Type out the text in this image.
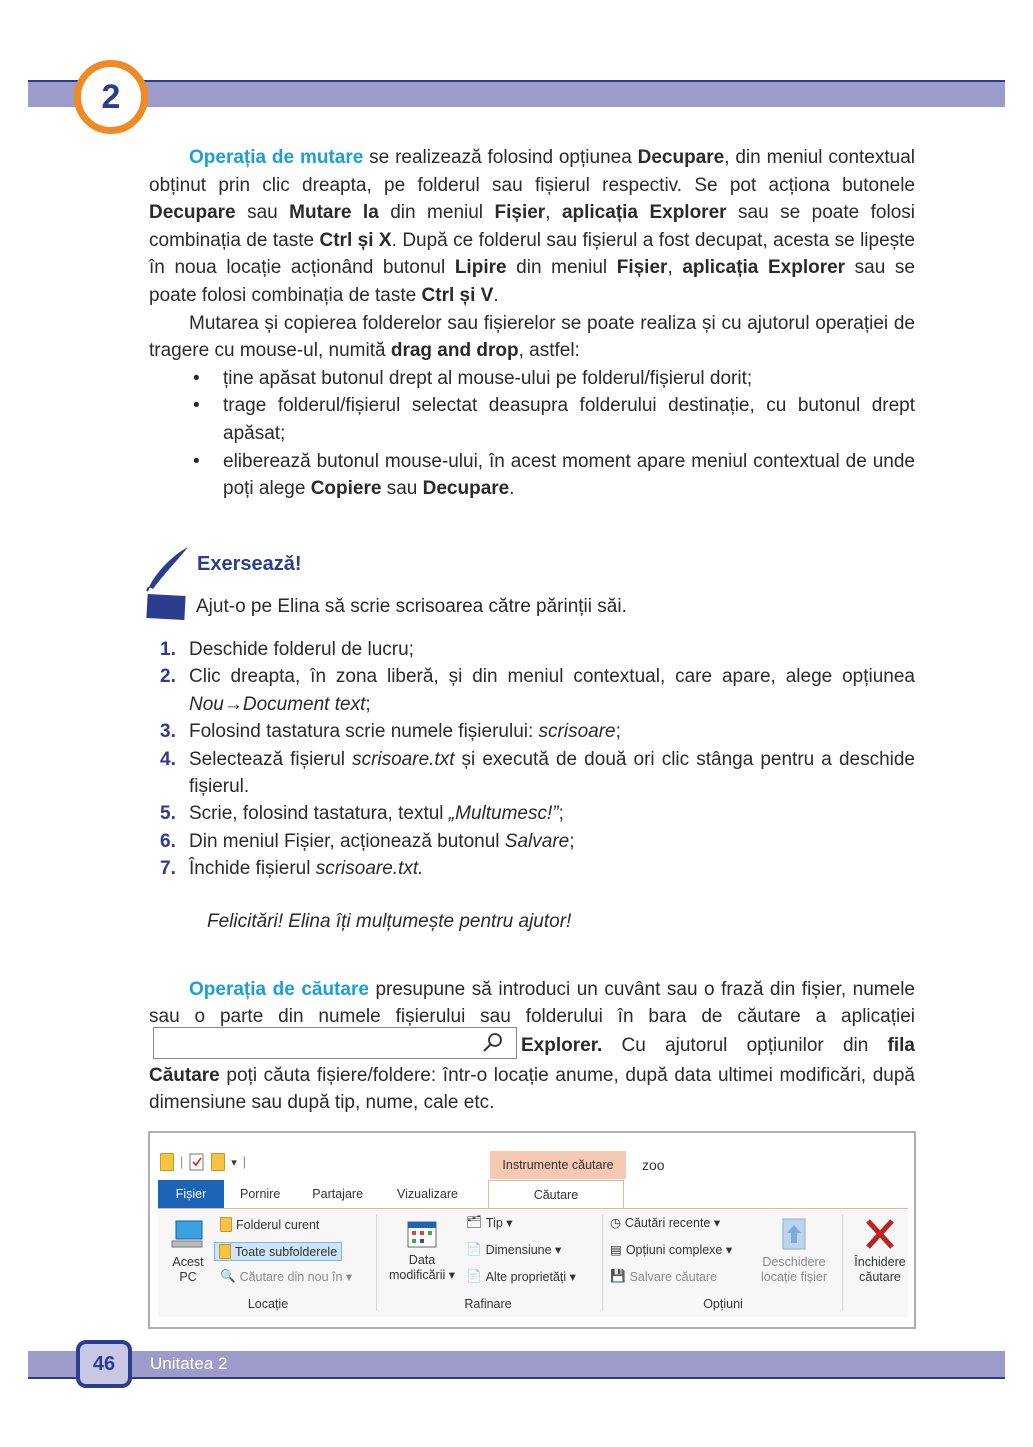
2

Operația de mutare se realizează folosind opțiunea Decupare, din meniul contextual obținut prin clic dreapta, pe folderul sau fișierul respectiv. Se pot acționa butonele Decupare sau Mutare la din meniul Fișier, aplicația Explorer sau se poate folosi combinația de taste Ctrl și X. După ce folderul sau fișierul a fost decupat, acesta se lipește în noua locație acționând butonul Lipire din meniul Fișier, aplicația Explorer sau se poate folosi combinația de taste Ctrl și V.

Mutarea și copierea folderelor sau fișierelor se poate realiza și cu ajutorul operației de tragere cu mouse-ul, numită drag and drop, astfel:

• ține apăsat butonul drept al mouse-ului pe folderul/fișierul dorit;
• trage folderul/fișierul selectat deasupra folderului destinație, cu butonul drept apăsat;
• eliberează butonul mouse-ului, în acest moment apare meniul contextual de unde poți alege Copiere sau Decupare.
Exersează!
Ajut-o pe Elina să scrie scrisoarea către părinții săi.
1. Deschide folderul de lucru;
2. Clic dreapta, în zona liberă, și din meniul contextual, care apare, alege opțiunea Nou→Document text;
3. Folosind tastatura scrie numele fișierului: scrisoare;
4. Selectează fișierul scrisoare.txt și execută de două ori clic stânga pentru a deschide fișierul.
5. Scrie, folosind tastatura, textul „Multumesc!”;
6. Din meniul Fișier, acționează butonul Salvare;
7. Închide fișierul scrisoare.txt.
Felicitări! Elina îți mulțumește pentru ajutor!

Operația de căutare presupune să introduci un cuvânt sau o frază din fișier, numele sau o parte din numele fișierului sau folderului în bara de căutare a aplicației
Explorer. Cu ajutorul opțiunilor din fila Căutare poți căuta fișiere/foldere: într-o locație anume, după data ultimei modificări, după dimensiune sau după tip, nume, cale etc.

|	▾ |	Instrumente căutare	zoo
Fișier	Pornire	Partajare	Vizualizare	Căutare
Acest
PC
Folderul curent
Toate subfolderele
🔍 Căutare din nou în ▾
Locație
Data
modificării ▾
🗂 Tip ▾
📄 Dimensiune ▾
📄 Alte proprietăți ▾
Rafinare
◷ Căutări recente ▾
▤ Opțiuni complexe ▾
💾 Salvare căutare
Deschidere
locație fișier
Opțiuni
Închidere
căutare
46 Unitatea 2
